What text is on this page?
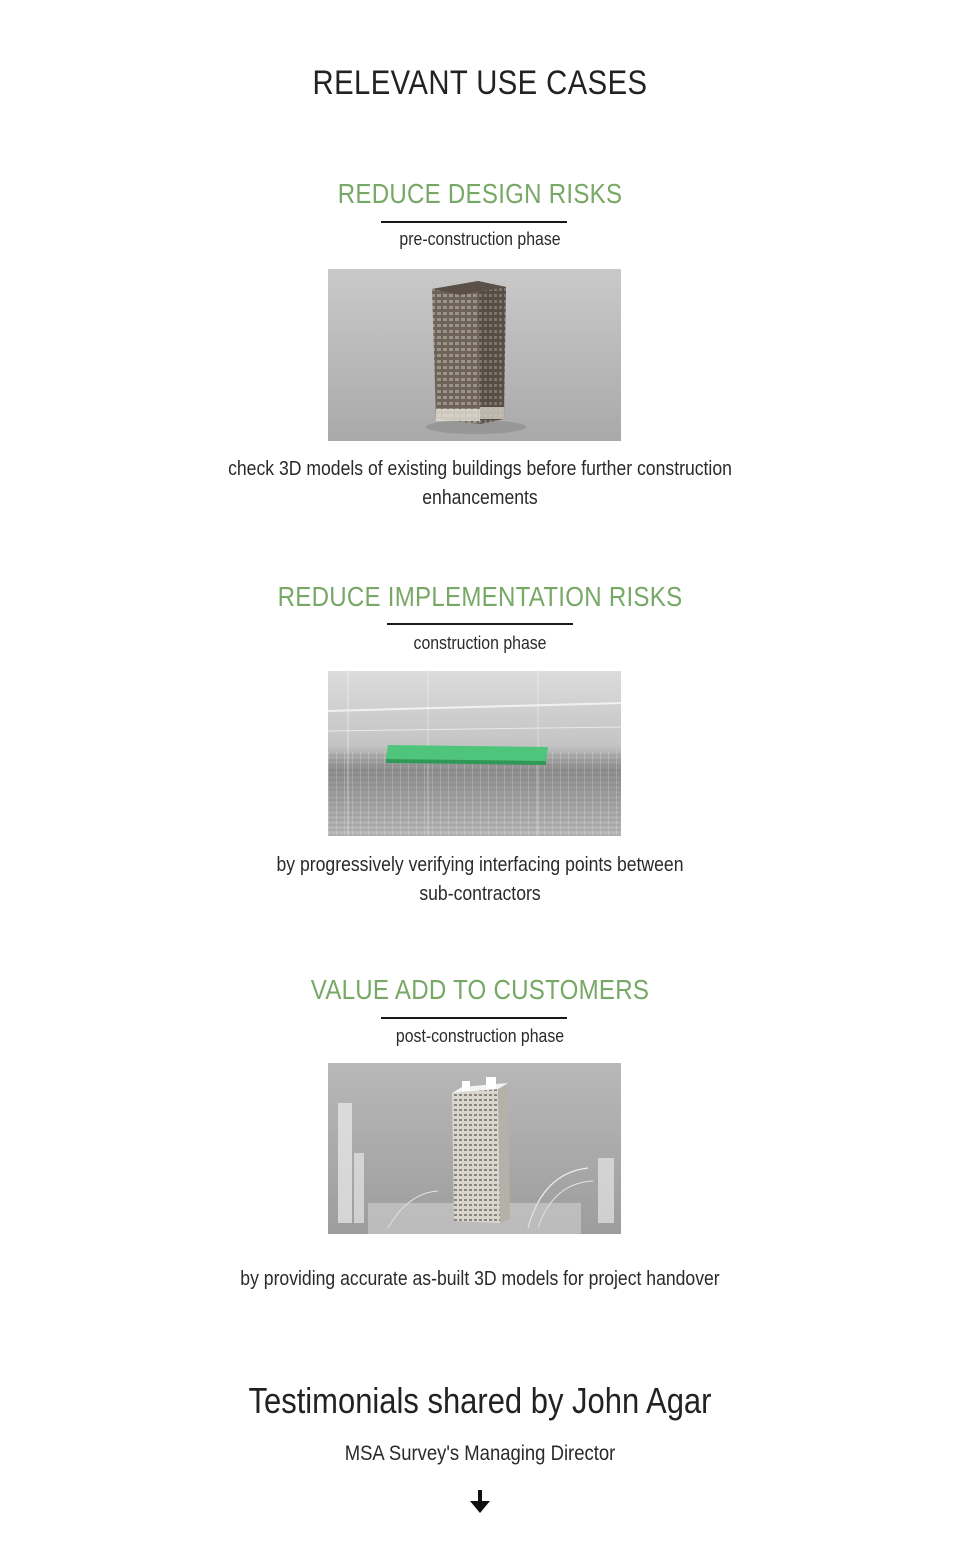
RELEVANT USE CASES
REDUCE DESIGN RISKS
pre-construction phase
check 3D models of existing buildings before further construction
enhancements
REDUCE IMPLEMENTATION RISKS
construction phase
by progressively verifying interfacing points between
sub-contractors
VALUE ADD TO CUSTOMERS
post-construction phase
by providing accurate as-built 3D models for project handover
Testimonials shared by John Agar
MSA Survey's Managing Director
